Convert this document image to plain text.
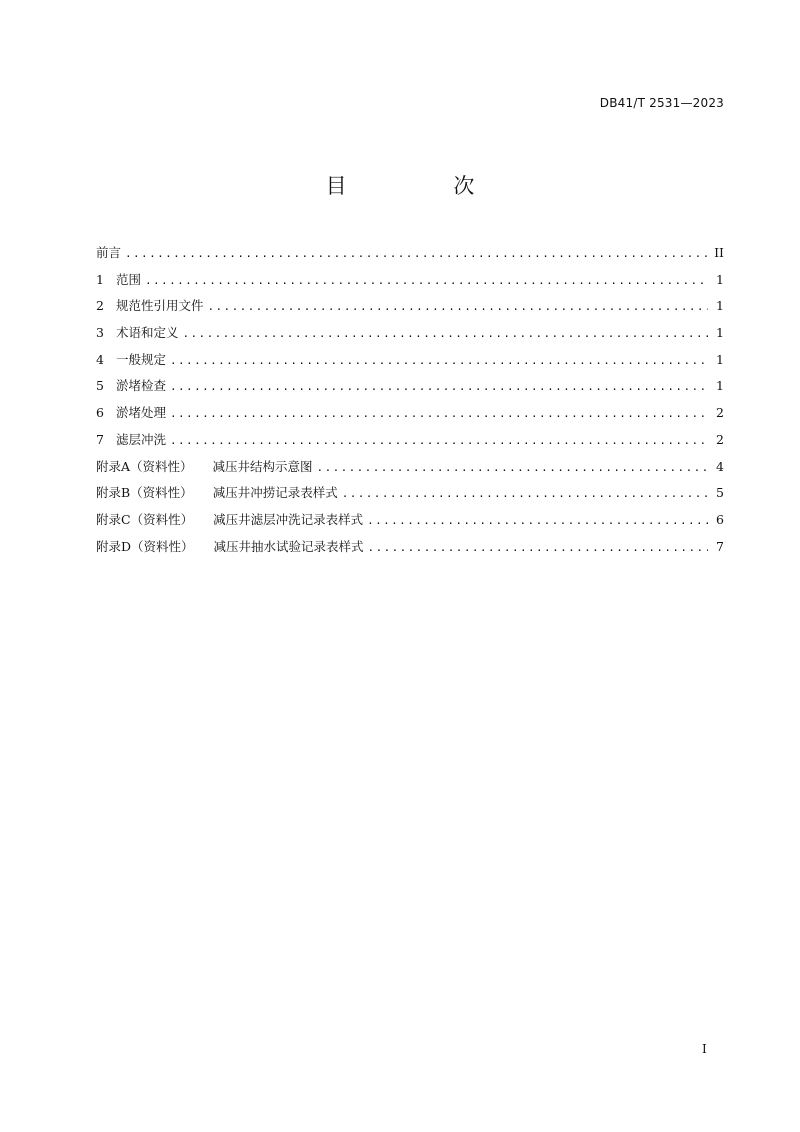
DB41/T 2531—2023
目 次
前言 .....	II
1 范围 .....	1
2 规范性引用文件 .....	1
3 术语和定义 .....	1
4 一般规定 .....	1
5 淤堵检查 .....	1
6 淤堵处理 .....	2
7 滤层冲洗 .....	2
附录A（资料性） 减压井结构示意图 .....	4
附录B（资料性） 减压井冲捞记录表样式 .....	5
附录C（资料性） 减压井滤层冲洗记录表样式 .....	6
附录D（资料性） 减压井抽水试验记录表样式 .....	7
I
